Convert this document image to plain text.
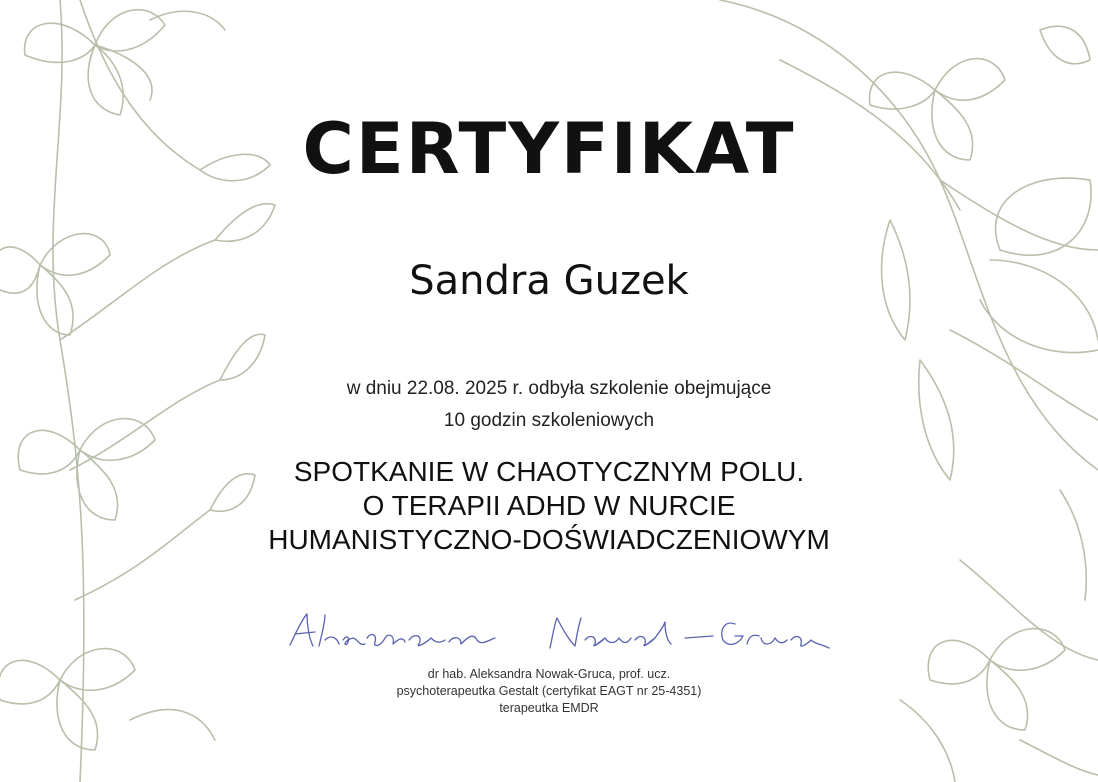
CERTYFIKAT
Sandra Guzek
w dniu 22.08. 2025 r. odbyła szkolenie obejmujące
10 godzin szkoleniowych
SPOTKANIE W CHAOTYCZNYM POLU.
O TERAPII ADHD W NURCIE
HUMANISTYCZNO-DOŚWIADCZENIOWYM
dr hab. Aleksandra Nowak-Gruca, prof. ucz.
psychoterapeutka Gestalt (certyfikat EAGT nr 25-4351)
terapeutka EMDR
